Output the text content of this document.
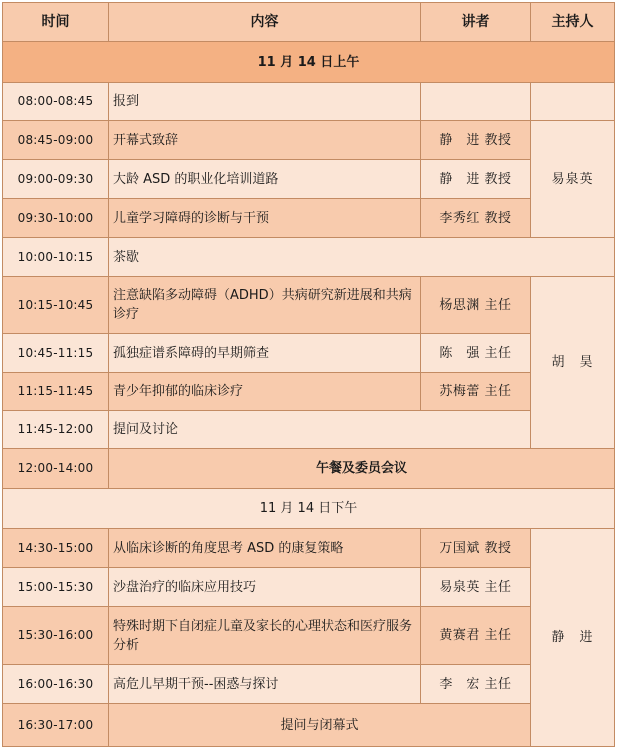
时间	内容	讲者	主持人
11 月 14 日上午			
08:00-08:45	报到		
08:45-09:00	开幕式致辞	静　进 教授	易泉英
09:00-09:30	大龄 ASD 的职业化培训道路	静　进 教授	
09:30-10:00	儿童学习障碍的诊断与干预	李秀红 教授	
10:00-10:15	茶歇		
10:15-10:45	注意缺陷多动障碍（ADHD）共病研究新进展和共病诊疗	杨思渊 主任	胡　昊
10:45-11:15	孤独症谱系障碍的早期筛查	陈　强 主任	
11:15-11:45	青少年抑郁的临床诊疗	苏梅蕾 主任	
11:45-12:00	提问及讨论		
12:00-14:00	午餐及委员会议		
11 月 14 日下午			
14:30-15:00	从临床诊断的角度思考 ASD 的康复策略	万国斌 教授	静　进
15:00-15:30	沙盘治疗的临床应用技巧	易泉英 主任	
15:30-16:00	特殊时期下自闭症儿童及家长的心理状态和医疗服务分析	黄赛君 主任	
16:00-16:30	高危儿早期干预--困惑与探讨	李　宏 主任	
16:30-17:00	提问与闭幕式		
